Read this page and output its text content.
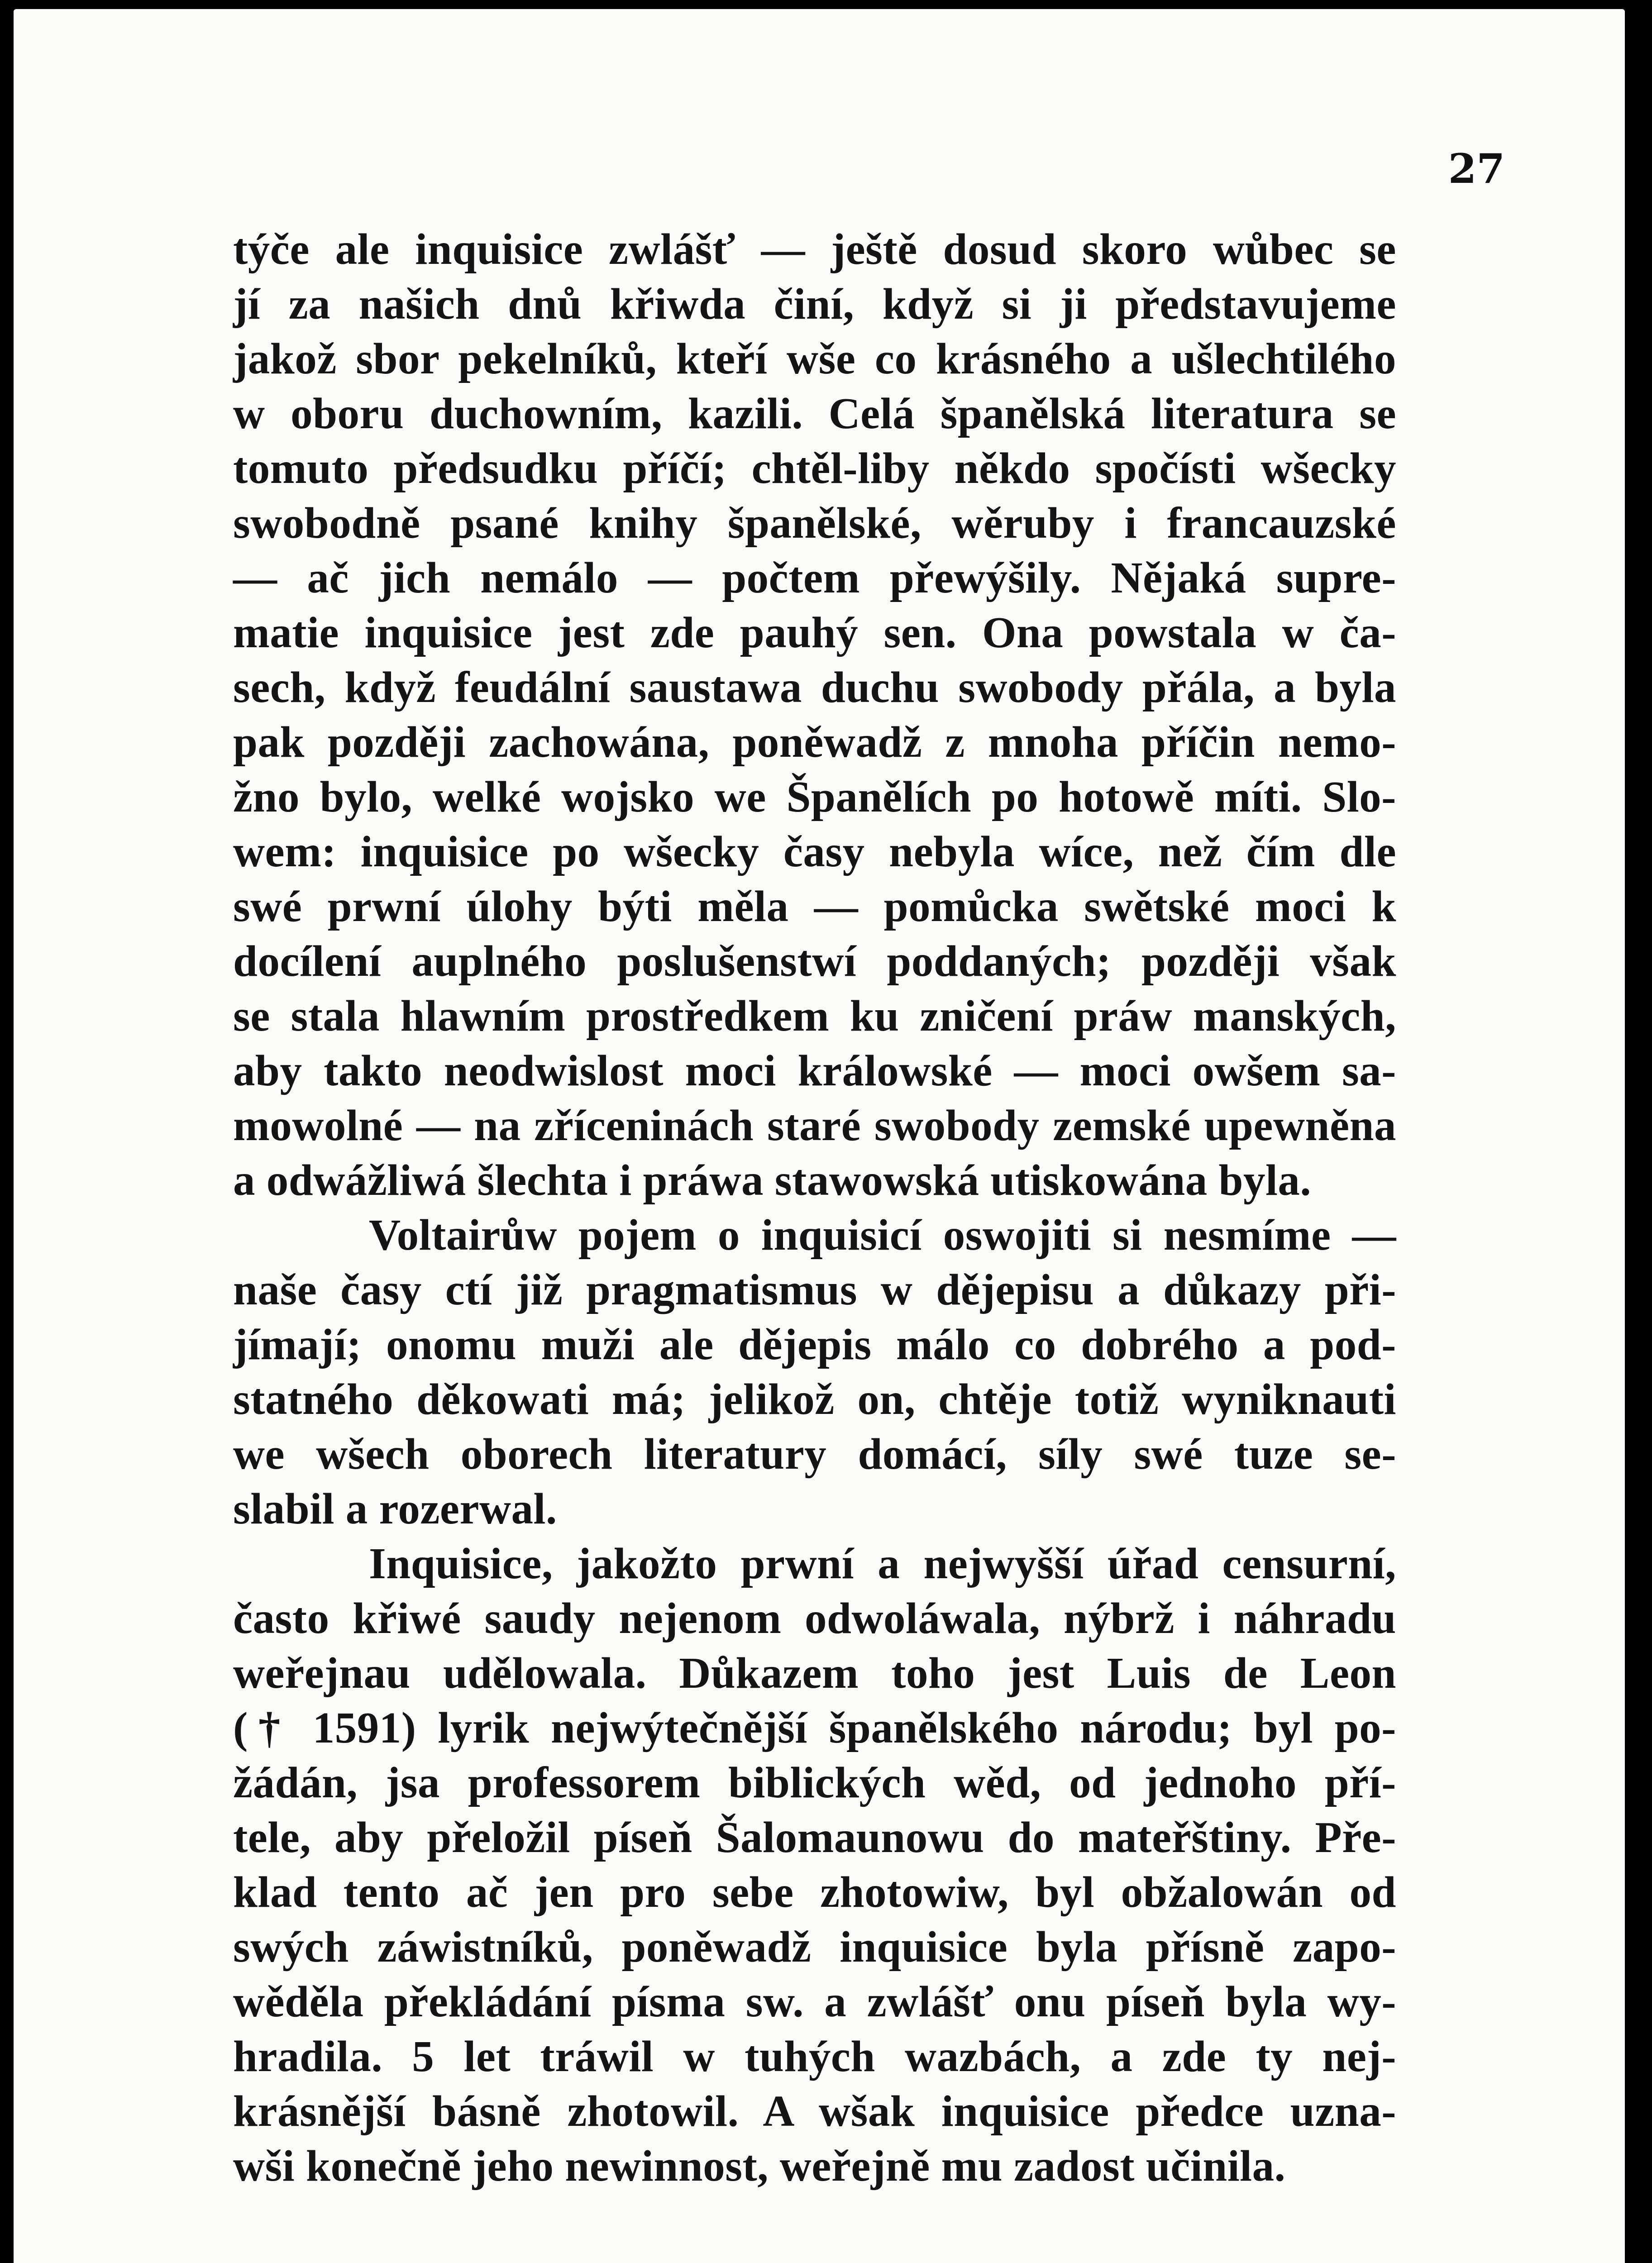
27
týče ale inquisice zwlášť — ještě dosud skoro wůbec se
jí za našich dnů křiwda činí, když si ji představujeme
jakož sbor pekelníků, kteří wše co krásného a ušlechtilého
w oboru duchowním, kazili. Celá španělská literatura se
tomuto předsudku příčí; chtěl-liby někdo spočísti wšecky
swobodně psané knihy španělské, wěruby i francauzské
— ač jich nemálo — počtem přewýšily. Nějaká supre-
matie inquisice jest zde pauhý sen. Ona powstala w ča-
sech, když feudální saustawa duchu swobody přála, a byla
pak později zachowána, poněwadž z mnoha příčin nemo-
žno bylo, welké wojsko we Španělích po hotowě míti. Slo-
wem: inquisice po wšecky časy nebyla wíce, než čím dle
swé prwní úlohy býti měla — pomůcka swětské moci k
docílení auplného poslušenstwí poddaných; později však
se stala hlawním prostředkem ku zničení práw manských,
aby takto neodwislost moci králowské — moci owšem sa-
mowolné — na zříceninách staré swobody zemské upewněna
a odwážliwá šlechta i práwa stawowská utiskowána byla.
Voltairůw pojem o inquisicí oswojiti si nesmíme —
naše časy ctí již pragmatismus w dějepisu a důkazy při-
jímají; onomu muži ale dějepis málo co dobrého a pod-
statného děkowati má; jelikož on, chtěje totiž wyniknauti
we wšech oborech literatury domácí, síly swé tuze se-
slabil a rozerwal.
Inquisice, jakožto prwní a nejwyšší úřad censurní,
často křiwé saudy nejenom odwoláwala, nýbrž i náhradu
weřejnau udělowala. Důkazem toho jest Luis de Leon
(† 1591) lyrik nejwýtečnější španělského národu; byl po-
žádán, jsa professorem biblických wěd, od jednoho pří-
tele, aby přeložil píseň Šalomaunowu do mateřštiny. Pře-
klad tento ač jen pro sebe zhotowiw, byl obžalowán od
swých záwistníků, poněwadž inquisice byla přísně zapo-
wěděla překládání písma sw. a zwlášť onu píseň byla wy-
hradila. 5 let tráwil w tuhých wazbách, a zde ty nej-
krásnější básně zhotowil. A wšak inquisice předce uzna-
wši konečně jeho newinnost, weřejně mu zadost učinila.
